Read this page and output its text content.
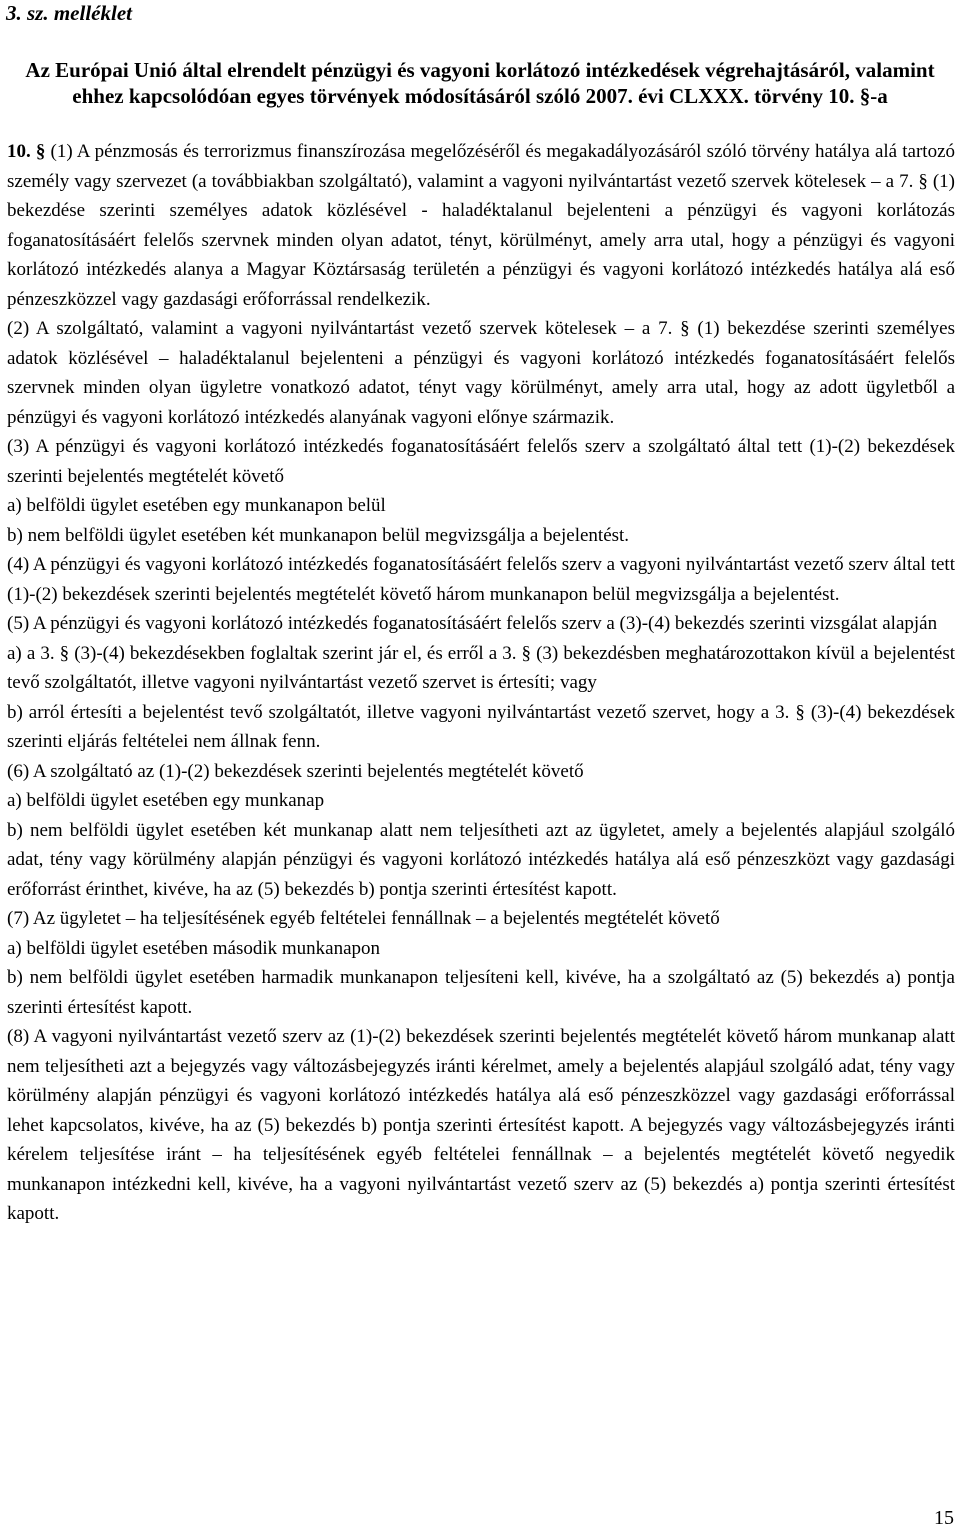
3. sz. melléklet
Az Európai Unió által elrendelt pénzügyi és vagyoni korlátozó intézkedések végrehajtásáról, valamint ehhez kapcsolódóan egyes törvények módosításáról szóló 2007. évi CLXXX. törvény 10. §-a

10. § (1) A pénzmosás és terrorizmus finanszírozása megelőzéséről és megakadályozásáról szóló törvény hatálya alá tartozó személy vagy szervezet (a továbbiakban szolgáltató), valamint a vagyoni nyilvántartást vezető szervek kötelesek – a 7. § (1) bekezdése szerinti személyes adatok közlésével - haladéktalanul bejelenteni a pénzügyi és vagyoni korlátozás foganatosításáért felelős szervnek minden olyan adatot, tényt, körülményt, amely arra utal, hogy a pénzügyi és vagyoni korlátozó intézkedés alanya a Magyar Köztársaság területén a pénzügyi és vagyoni korlátozó intézkedés hatálya alá eső pénzeszközzel vagy gazdasági erőforrással rendelkezik.

(2) A szolgáltató, valamint a vagyoni nyilvántartást vezető szervek kötelesek – a 7. § (1) bekezdése szerinti személyes adatok közlésével – haladéktalanul bejelenteni a pénzügyi és vagyoni korlátozó intézkedés foganatosításáért felelős szervnek minden olyan ügyletre vonatkozó adatot, tényt vagy körülményt, amely arra utal, hogy az adott ügyletből a pénzügyi és vagyoni korlátozó intézkedés alanyának vagyoni előnye származik.

(3) A pénzügyi és vagyoni korlátozó intézkedés foganatosításáért felelős szerv a szolgáltató által tett (1)-(2) bekezdések szerinti bejelentés megtételét követő

a) belföldi ügylet esetében egy munkanapon belül

b) nem belföldi ügylet esetében két munkanapon belül megvizsgálja a bejelentést.

(4) A pénzügyi és vagyoni korlátozó intézkedés foganatosításáért felelős szerv a vagyoni nyilvántartást vezető szerv által tett (1)-(2) bekezdések szerinti bejelentés megtételét követő három munkanapon belül megvizsgálja a bejelentést.

(5) A pénzügyi és vagyoni korlátozó intézkedés foganatosításáért felelős szerv a (3)-(4) bekezdés szerinti vizsgálat alapján

a) a 3. § (3)-(4) bekezdésekben foglaltak szerint jár el, és erről a 3. § (3) bekezdésben meghatározottakon kívül a bejelentést tevő szolgáltatót, illetve vagyoni nyilvántartást vezető szervet is értesíti; vagy

b) arról értesíti a bejelentést tevő szolgáltatót, illetve vagyoni nyilvántartást vezető szervet, hogy a 3. § (3)-(4) bekezdések szerinti eljárás feltételei nem állnak fenn.

(6) A szolgáltató az (1)-(2) bekezdések szerinti bejelentés megtételét követő

a) belföldi ügylet esetében egy munkanap

b) nem belföldi ügylet esetében két munkanap alatt nem teljesítheti azt az ügyletet, amely a bejelentés alapjául szolgáló adat, tény vagy körülmény alapján pénzügyi és vagyoni korlátozó intézkedés hatálya alá eső pénzeszközt vagy gazdasági erőforrást érinthet, kivéve, ha az (5) bekezdés b) pontja szerinti értesítést kapott.

(7) Az ügyletet – ha teljesítésének egyéb feltételei fennállnak – a bejelentés megtételét követő

a) belföldi ügylet esetében második munkanapon

b) nem belföldi ügylet esetében harmadik munkanapon teljesíteni kell, kivéve, ha a szolgáltató az (5) bekezdés a) pontja szerinti értesítést kapott.

(8) A vagyoni nyilvántartást vezető szerv az (1)-(2) bekezdések szerinti bejelentés megtételét követő három munkanap alatt nem teljesítheti azt a bejegyzés vagy változásbejegyzés iránti kérelmet, amely a bejelentés alapjául szolgáló adat, tény vagy körülmény alapján pénzügyi és vagyoni korlátozó intézkedés hatálya alá eső pénzeszközzel vagy gazdasági erőforrással lehet kapcsolatos, kivéve, ha az (5) bekezdés b) pontja szerinti értesítést kapott. A bejegyzés vagy változásbejegyzés iránti kérelem teljesítése iránt – ha teljesítésének egyéb feltételei fennállnak – a bejelentés megtételét követő negyedik munkanapon intézkedni kell, kivéve, ha a vagyoni nyilvántartást vezető szerv az (5) bekezdés a) pontja szerinti értesítést kapott.

15
